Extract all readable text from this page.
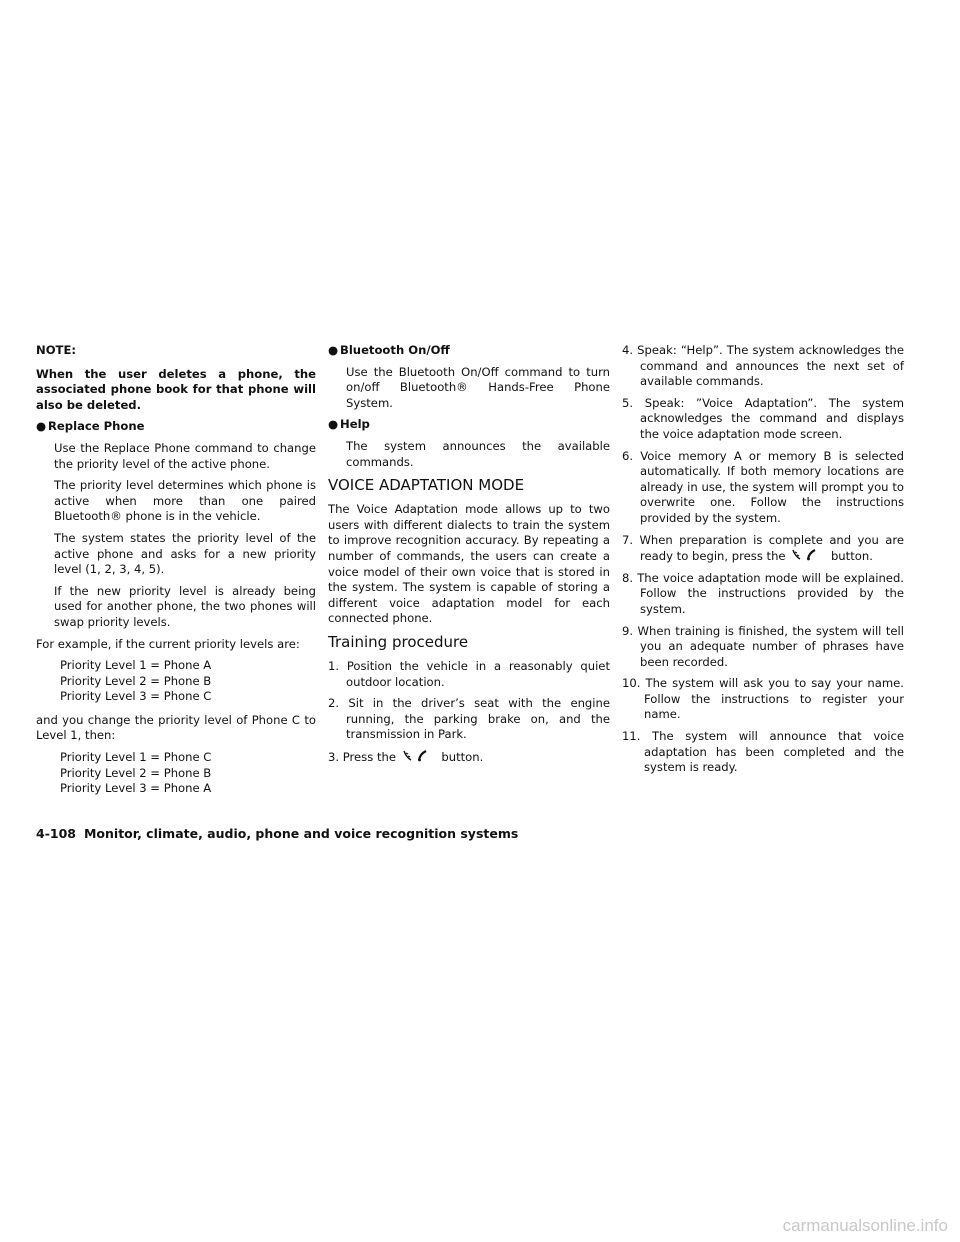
NOTE:

When the user deletes a phone, the associated phone book for that phone will also be deleted.

● Replace Phone

Use the Replace Phone command to change the priority level of the active phone.

The priority level determines which phone is active when more than one paired Bluetooth® phone is in the vehicle.

The system states the priority level of the active phone and asks for a new priority level (1, 2, 3, 4, 5).

If the new priority level is already being used for another phone, the two phones will swap priority levels.

For example, if the current priority levels are:

Priority Level 1 = Phone A

Priority Level 2 = Phone B

Priority Level 3 = Phone C

and you change the priority level of Phone C to Level 1, then:

Priority Level 1 = Phone C

Priority Level 2 = Phone B

Priority Level 3 = Phone A

● Bluetooth On/Off

Use the Bluetooth On/Off command to turn on/off Bluetooth® Hands-Free Phone System.

● Help

The system announces the available commands.

VOICE ADAPTATION MODE

The Voice Adaptation mode allows up to two users with different dialects to train the system to improve recognition accuracy. By repeating a number of commands, the users can create a voice model of their own voice that is stored in the system. The system is capable of storing a different voice adaptation model for each connected phone.

Training procedure

1. Position the vehicle in a reasonably quiet outdoor location.

2. Sit in the driver’s seat with the engine running, the parking brake on, and the transmission in Park.

3. Press the	button.

4. Speak: “Help”. The system acknowledges the command and announces the next set of available commands.

5. Speak: ”Voice Adaptation”. The system acknowledges the command and displays the voice adaptation mode screen.

6. Voice memory A or memory B is selected automatically. If both memory locations are already in use, the system will prompt you to overwrite one. Follow the instructions provided by the system.

7. When preparation is complete and you are ready to begin, press the	button.

8. The voice adaptation mode will be explained. Follow the instructions provided by the system.

9. When training is finished, the system will tell you an adequate number of phrases have been recorded.

10. The system will ask you to say your name. Follow the instructions to register your name.

11. The system will announce that voice adaptation has been completed and the system is ready.

4-108 Monitor, climate, audio, phone and voice recognition systems
carmanualsonline.info
